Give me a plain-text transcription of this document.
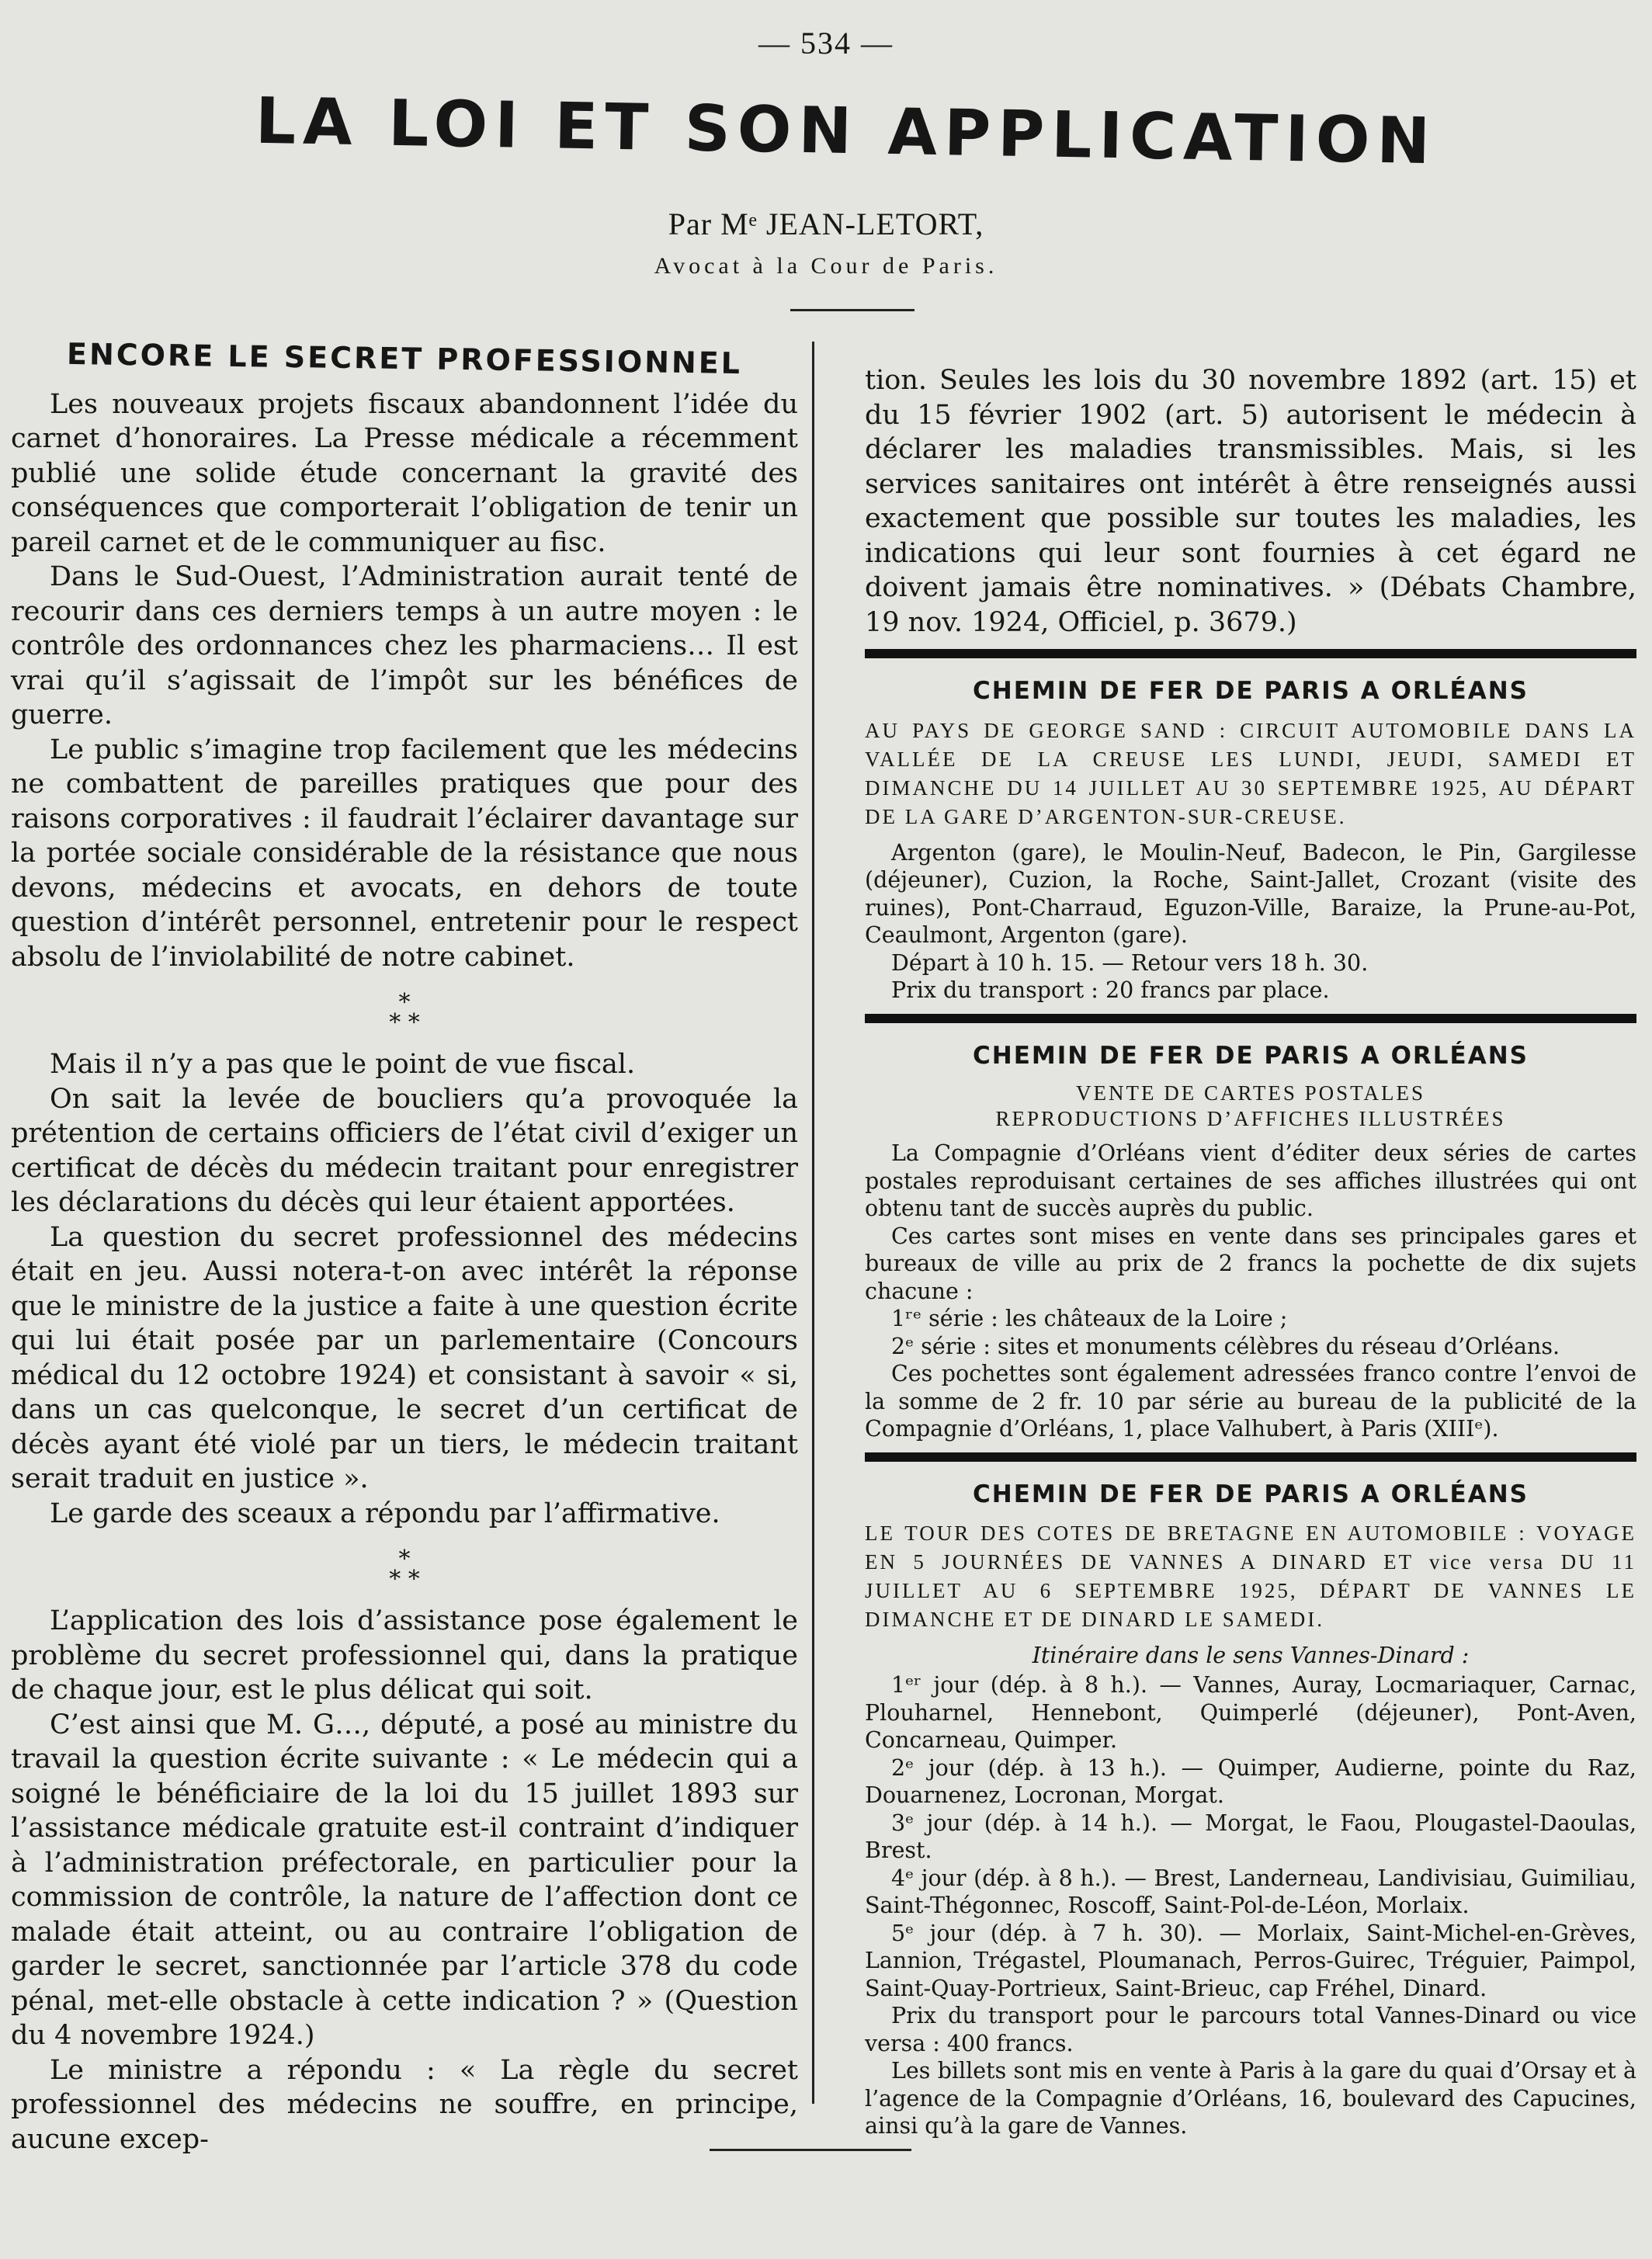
— 534 —
LA LOI ET SON APPLICATION
Par Mᵉ JEAN-LETORT,
Avocat à la Cour de Paris.
ENCORE LE SECRET PROFESSIONNEL

Les nouveaux projets fiscaux abandonnent l’idée du carnet d’honoraires. La Presse médicale a récemment publié une solide étude concernant la gravité des conséquences que comporterait l’obligation de tenir un pareil carnet et de le communiquer au fisc.

Dans le Sud-Ouest, l’Administration aurait tenté de recourir dans ces derniers temps à un autre moyen : le contrôle des ordonnances chez les pharmaciens… Il est vrai qu’il s’agissait de l’impôt sur les bénéfices de guerre.

Le public s’imagine trop facilement que les médecins ne combattent de pareilles pratiques que pour des raisons corporatives : il faudrait l’éclairer davantage sur la portée sociale considérable de la résistance que nous devons, médecins et avocats, en dehors de toute question d’intérêt personnel, entretenir pour le respect absolu de l’inviolabilité de notre cabinet.

*
* *

Mais il n’y a pas que le point de vue fiscal.

On sait la levée de boucliers qu’a provoquée la prétention de certains officiers de l’état civil d’exiger un certificat de décès du médecin traitant pour enregistrer les déclarations du décès qui leur étaient apportées.

La question du secret professionnel des médecins était en jeu. Aussi notera-t-on avec intérêt la réponse que le ministre de la justice a faite à une question écrite qui lui était posée par un parlementaire (Concours médical du 12 octobre 1924) et consistant à savoir « si, dans un cas quelconque, le secret d’un certificat de décès ayant été violé par un tiers, le médecin traitant serait traduit en justice ».

Le garde des sceaux a répondu par l’affirmative.

*
* *

L’application des lois d’assistance pose également le problème du secret professionnel qui, dans la pratique de chaque jour, est le plus délicat qui soit.

C’est ainsi que M. G…, député, a posé au ministre du travail la question écrite suivante : « Le médecin qui a soigné le bénéficiaire de la loi du 15 juillet 1893 sur l’assistance médicale gratuite est-il contraint d’indiquer à l’administration préfectorale, en particulier pour la commission de contrôle, la nature de l’affection dont ce malade était atteint, ou au contraire l’obligation de garder le secret, sanctionnée par l’article 378 du code pénal, met-elle obstacle à cette indication ? » (Question du 4 novembre 1924.)

Le ministre a répondu : « La règle du secret professionnel des médecins ne souffre, en principe, aucune excep-

tion. Seules les lois du 30 novembre 1892 (art. 15) et du 15 février 1902 (art. 5) autorisent le médecin à déclarer les maladies transmissibles. Mais, si les services sanitaires ont intérêt à être renseignés aussi exactement que possible sur toutes les maladies, les indications qui leur sont fournies à cet égard ne doivent jamais être nominatives. » (Débats Chambre, 19 nov. 1924, Officiel, p. 3679.)

CHEMIN DE FER DE PARIS A ORLÉANS
AU PAYS DE GEORGE SAND : CIRCUIT AUTOMOBILE DANS LA VALLÉE DE LA CREUSE LES LUNDI, JEUDI, SAMEDI ET DIMANCHE DU 14 JUILLET AU 30 SEPTEMBRE 1925, AU DÉPART DE LA GARE D’ARGENTON-SUR-CREUSE.

Argenton (gare), le Moulin-Neuf, Badecon, le Pin, Gargilesse (déjeuner), Cuzion, la Roche, Saint-Jallet, Crozant (visite des ruines), Pont-Charraud, Eguzon-Ville, Baraize, la Prune-au-Pot, Ceaulmont, Argenton (gare).

Départ à 10 h. 15. — Retour vers 18 h. 30.

Prix du transport : 20 francs par place.

CHEMIN DE FER DE PARIS A ORLÉANS
VENTE DE CARTES POSTALES
REPRODUCTIONS D’AFFICHES ILLUSTRÉES

La Compagnie d’Orléans vient d’éditer deux séries de cartes postales reproduisant certaines de ses affiches illustrées qui ont obtenu tant de succès auprès du public.

Ces cartes sont mises en vente dans ses principales gares et bureaux de ville au prix de 2 francs la pochette de dix sujets chacune :

1ʳᵉ série : les châteaux de la Loire ;

2ᵉ série : sites et monuments célèbres du réseau d’Orléans.

Ces pochettes sont également adressées franco contre l’envoi de la somme de 2 fr. 10 par série au bureau de la publicité de la Compagnie d’Orléans, 1, place Valhubert, à Paris (XIIIᵉ).

CHEMIN DE FER DE PARIS A ORLÉANS
LE TOUR DES COTES DE BRETAGNE EN AUTOMOBILE : VOYAGE EN 5 JOURNÉES DE VANNES A DINARD ET vice versa DU 11 JUILLET AU 6 SEPTEMBRE 1925, DÉPART DE VANNES LE DIMANCHE ET DE DINARD LE SAMEDI.
Itinéraire dans le sens Vannes-Dinard :

1ᵉʳ jour (dép. à 8 h.). — Vannes, Auray, Locmariaquer, Carnac, Plouharnel, Hennebont, Quimperlé (déjeuner), Pont-Aven, Concarneau, Quimper.

2ᵉ jour (dép. à 13 h.). — Quimper, Audierne, pointe du Raz, Douarnenez, Locronan, Morgat.

3ᵉ jour (dép. à 14 h.). — Morgat, le Faou, Plougastel-Daoulas, Brest.

4ᵉ jour (dép. à 8 h.). — Brest, Landerneau, Landivisiau, Guimiliau, Saint-Thégonnec, Roscoff, Saint-Pol-de-Léon, Morlaix.

5ᵉ jour (dép. à 7 h. 30). — Morlaix, Saint-Michel-en-Grèves, Lannion, Trégastel, Ploumanach, Perros-Guirec, Tréguier, Paimpol, Saint-Quay-Portrieux, Saint-Brieuc, cap Fréhel, Dinard.

Prix du transport pour le parcours total Vannes-Dinard ou vice versa : 400 francs.

Les billets sont mis en vente à Paris à la gare du quai d’Orsay et à l’agence de la Compagnie d’Orléans, 16, boulevard des Capucines, ainsi qu’à la gare de Vannes.
